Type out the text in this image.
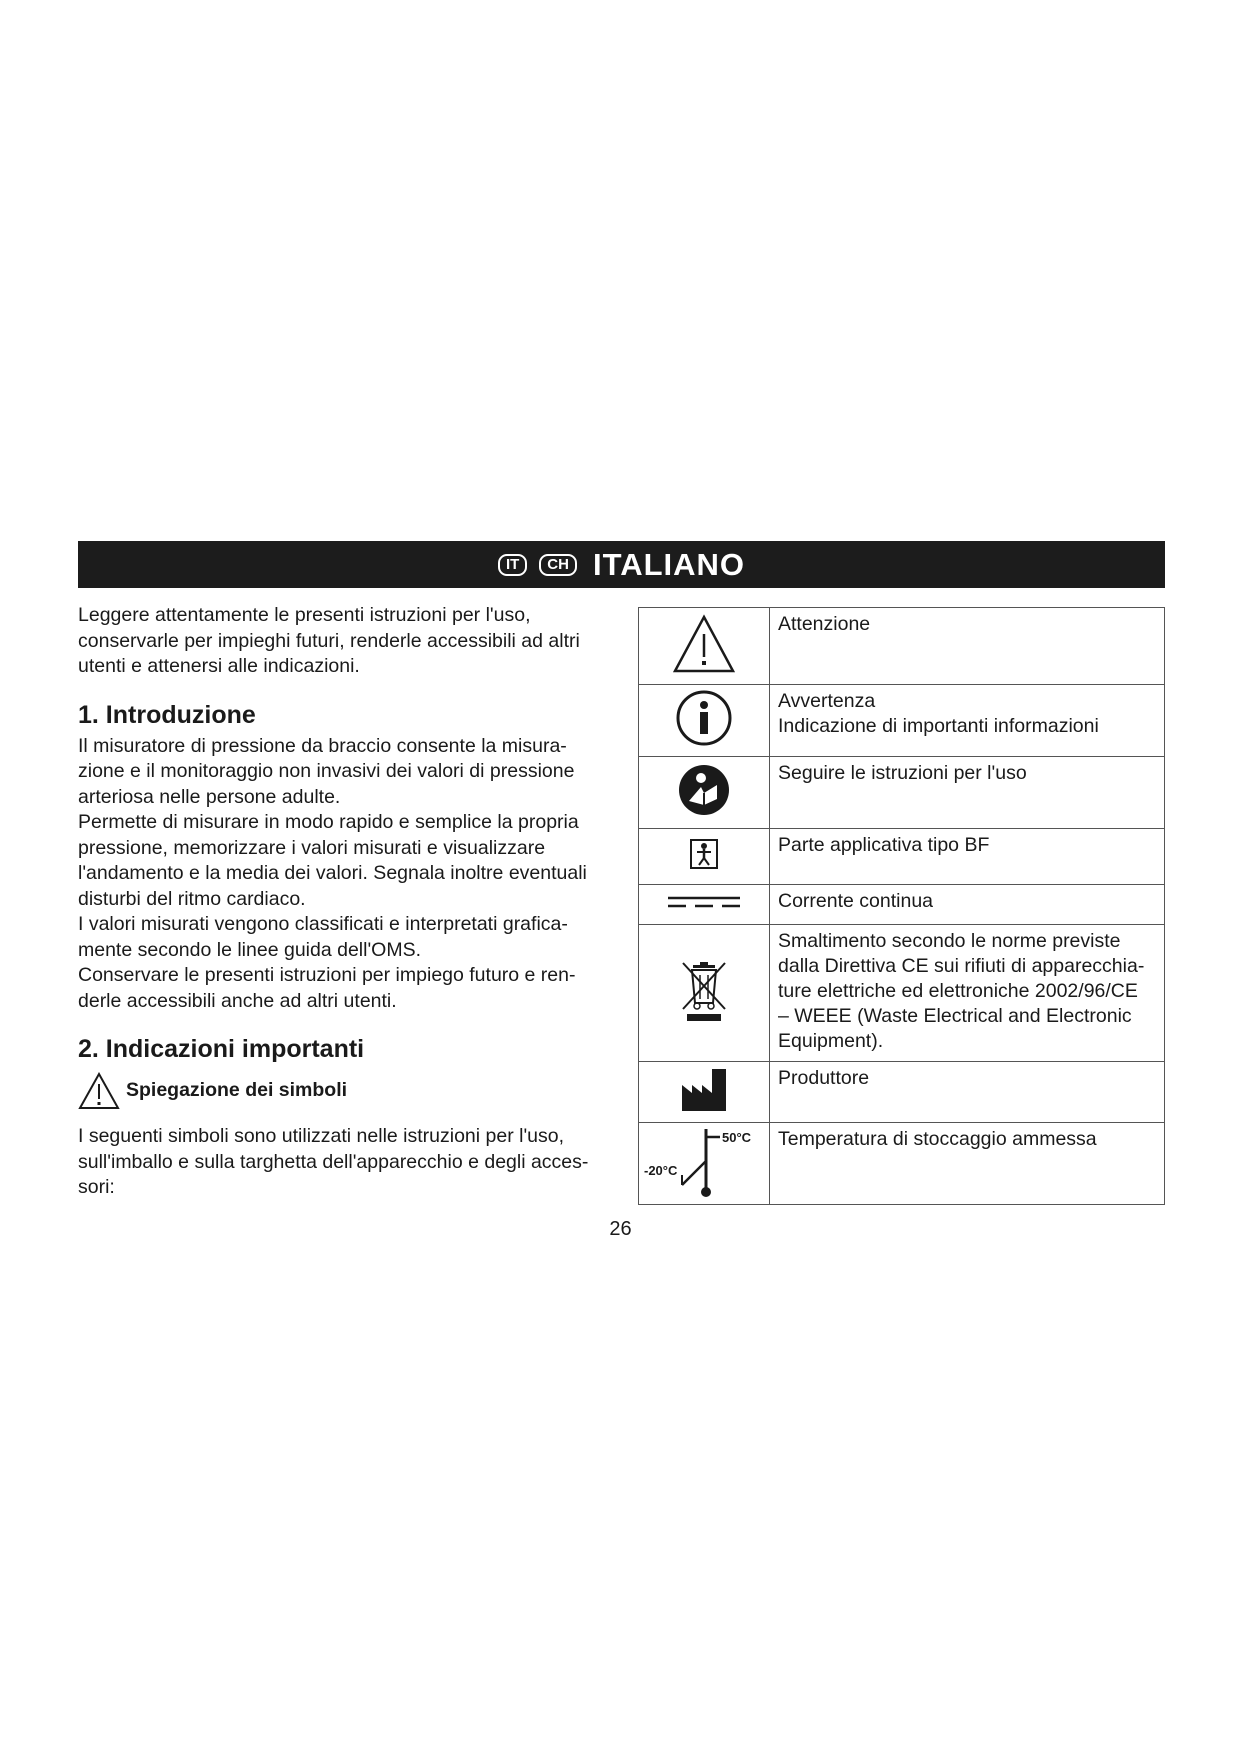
IT	CH ITALIANO

Leggere attentamente le presenti istruzioni per l'uso,
conservarle per impieghi futuri, renderle accessibili ad altri
utenti e attenersi alle indicazioni.

1. Introduzione

Il misuratore di pressione da braccio consente la misura-
zione e il monitoraggio non invasivi dei valori di pressione
arteriosa nelle persone adulte.
Permette di misurare in modo rapido e semplice la propria
pressione, memorizzare i valori misurati e visualizzare
l'andamento e la media dei valori. Segnala inoltre eventuali
disturbi del ritmo cardiaco.
I valori misurati vengono classificati e interpretati grafica-
mente secondo le linee guida dell'OMS.
Conservare le presenti istruzioni per impiego futuro e ren-
derle accessibili anche ad altri utenti.

2. Indicazioni importanti
Spiegazione dei simboli

I seguenti simboli sono utilizzati nelle istruzioni per l'uso,
sull'imballo e sulla targhetta dell'apparecchio e degli acces-
sori:

Attenzione

Avvertenza
Indicazione di importanti informazioni

Seguire le istruzioni per l'uso

Parte applicativa tipo BF

Corrente continua

Smaltimento secondo le norme previste
dalla Direttiva CE sui rifiuti di apparecchia-
ture elettriche ed elettroniche 2002/96/CE
– WEEE (Waste Electrical and Electronic
Equipment).

Produttore

50°C
-20°C	Temperatura di stoccaggio ammessa
26
